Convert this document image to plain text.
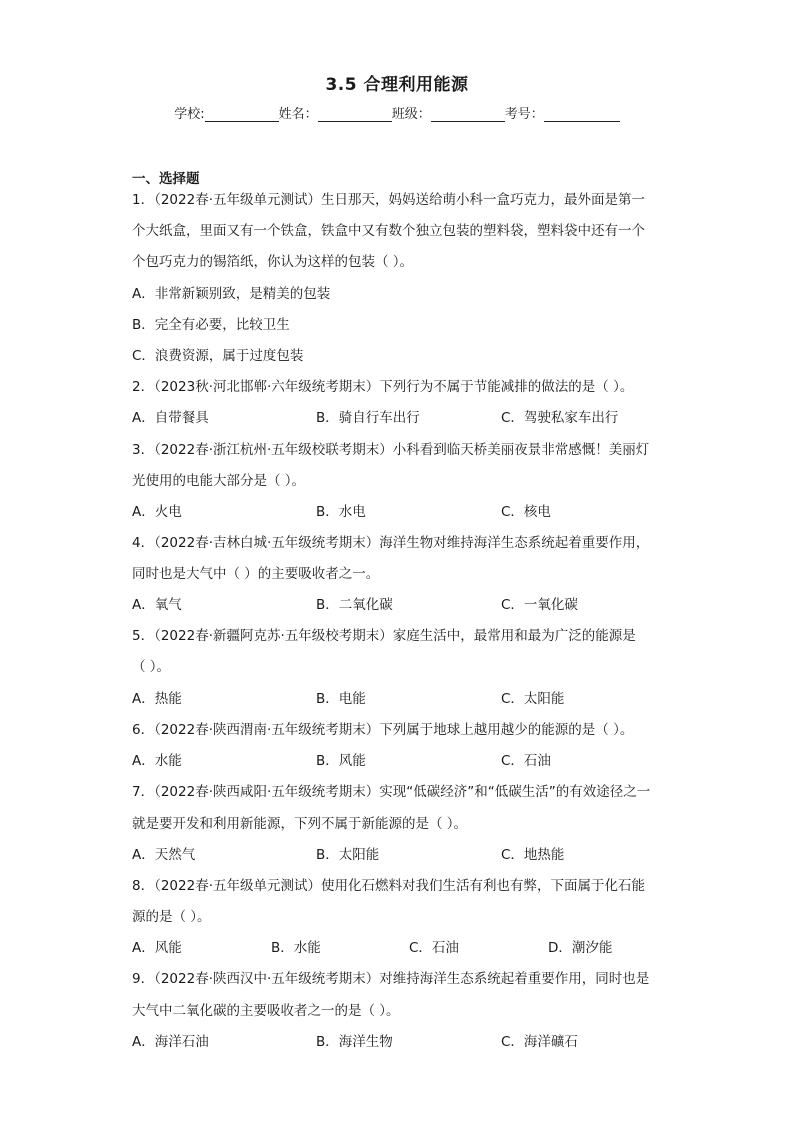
3.5 合理利用能源
学校:	姓名：	班级：	考号：
一、选择题
1．（2022春·五年级单元测试）生日那天，妈妈送给萌小科一盒巧克力，最外面是第一
个大纸盒，里面又有一个铁盒，铁盒中又有数个独立包装的塑料袋，塑料袋中还有一个
个包巧克力的锡箔纸，你认为这样的包装（ ）。
A．非常新颖别致，是精美的包装
B．完全有必要，比较卫生
C．浪费资源，属于过度包装
2．（2023秋·河北邯郸·六年级统考期末）下列行为不属于节能减排的做法的是（ ）。
A．自带餐具	B．骑自行车出行	C．驾驶私家车出行
3．（2022春·浙江杭州·五年级校联考期末）小科看到临天桥美丽夜景非常感慨！美丽灯
光使用的电能大部分是（ ）。
A．火电	B．水电	C．核电
4．（2022春·吉林白城·五年级统考期末）海洋生物对维持海洋生态系统起着重要作用，
同时也是大气中（ ）的主要吸收者之一。
A．氧气	B．二氧化碳	C．一氧化碳
5．（2022春·新疆阿克苏·五年级校考期末）家庭生活中，最常用和最为广泛的能源是
（ ）。
A．热能	B．电能	C．太阳能
6．（2022春·陕西渭南·五年级统考期末）下列属于地球上越用越少的能源的是（ ）。
A．水能	B．风能	C．石油
7．（2022春·陕西咸阳·五年级统考期末）实现“低碳经济”和“低碳生活”的有效途径之一
就是要开发和利用新能源，下列不属于新能源的是（ ）。
A．天然气	B．太阳能	C．地热能
8．（2022春·五年级单元测试）使用化石燃料对我们生活有利也有弊，下面属于化石能
源的是（ ）。
A．风能	B．水能	C．石油	D．潮汐能
9．（2022春·陕西汉中·五年级统考期末）对维持海洋生态系统起着重要作用，同时也是
大气中二氧化碳的主要吸收者之一的是（ ）。
A．海洋石油	B．海洋生物	C．海洋礦石
